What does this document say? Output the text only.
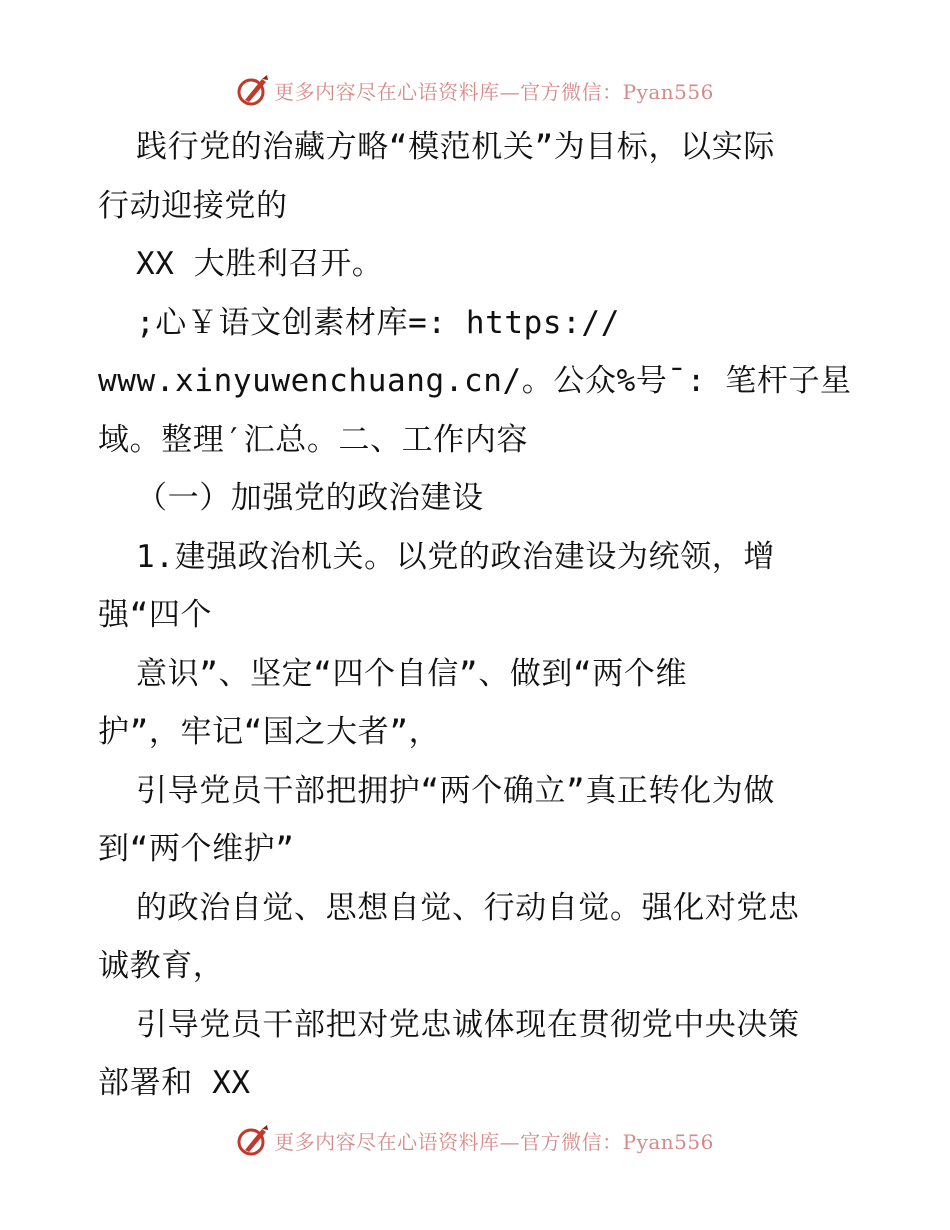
更多内容尽在心语资料库—官方微信：Pyan556
践行党的治藏方略“模范机关”为目标，以实际
行动迎接党的
XX 大胜利召开。
;心￥语文创素材库=: https://
www.xinyuwenchuang.cn/。公众%号¯: 笔杆子星
域。整理′汇总。二、工作内容
（一）加强党的政治建设
1.建强政治机关。以党的政治建设为统领，增
强“四个
意识”、坚定“四个自信”、做到“两个维
护”，牢记“国之大者”，
引导党员干部把拥护“两个确立”真正转化为做
到“两个维护”
的政治自觉、思想自觉、行动自觉。强化对党忠
诚教育，
引导党员干部把对党忠诚体现在贯彻党中央决策
部署和 XX
更多内容尽在心语资料库—官方微信：Pyan556
